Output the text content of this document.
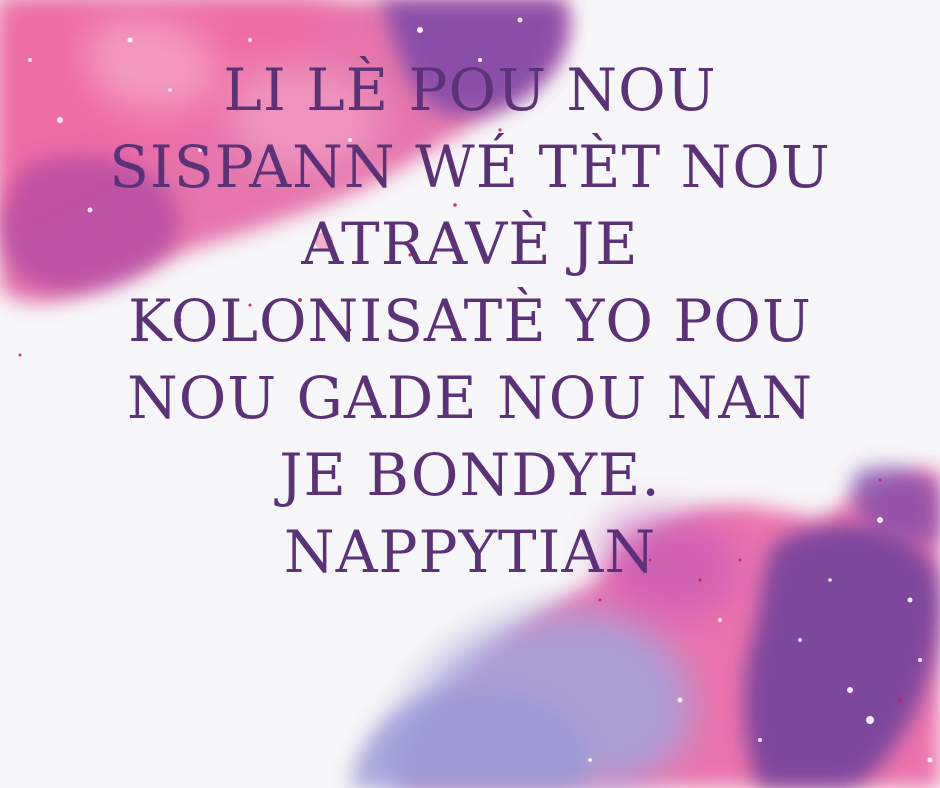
LI LÈ POU NOU
SISPANN WÉ TÈT NOU
ATRAVÈ JE
KOLONISATÈ YO POU
NOU GADE NOU NAN
JE BONDYE.
NAPPYTIAN
